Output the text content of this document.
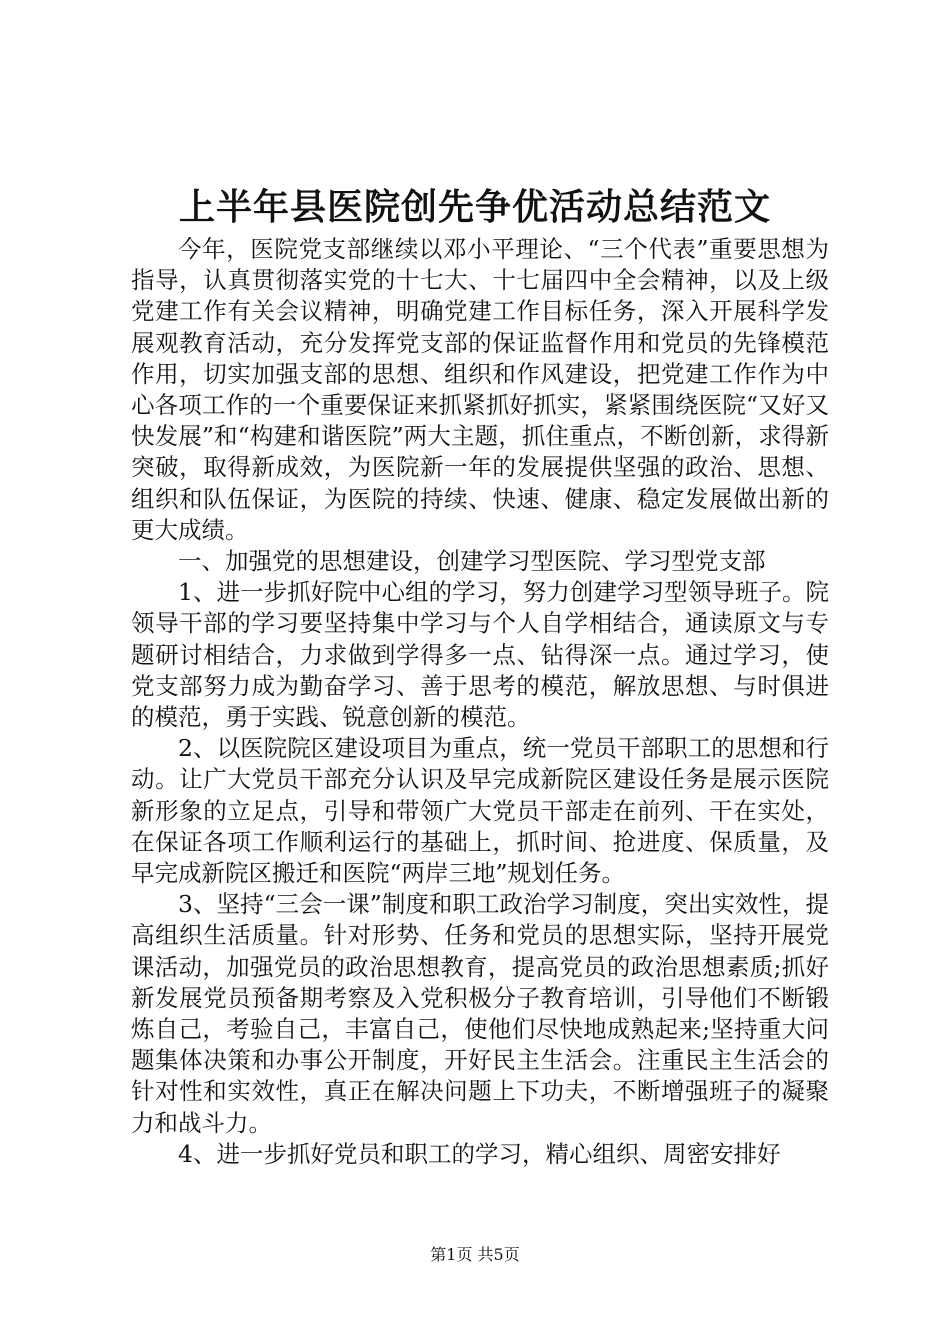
上半年县医院创先争优活动总结范文

今年，医院党支部继续以邓小平理论、“三个代表”重要思想为指导，认真贯彻落实党的十七大、十七届四中全会精神，以及上级党建工作有关会议精神，明确党建工作目标任务，深入开展科学发展观教育活动，充分发挥党支部的保证监督作用和党员的先锋模范作用，切实加强支部的思想、组织和作风建设，把党建工作作为中心各项工作的一个重要保证来抓紧抓好抓实，紧紧围绕医院“又好又快发展”和“构建和谐医院”两大主题，抓住重点，不断创新，求得新突破，取得新成效，为医院新一年的发展提供坚强的政治、思想、组织和队伍保证，为医院的持续、快速、健康、稳定发展做出新的更大成绩。

一、加强党的思想建设，创建学习型医院、学习型党支部

1、进一步抓好院中心组的学习，努力创建学习型领导班子。院领导干部的学习要坚持集中学习与个人自学相结合，通读原文与专题研讨相结合，力求做到学得多一点、钻得深一点。通过学习，使党支部努力成为勤奋学习、善于思考的模范，解放思想、与时俱进的模范，勇于实践、锐意创新的模范。

2、以医院院区建设项目为重点，统一党员干部职工的思想和行动。让广大党员干部充分认识及早完成新院区建设任务是展示医院新形象的立足点，引导和带领广大党员干部走在前列、干在实处，在保证各项工作顺利运行的基础上，抓时间、抢进度、保质量，及早完成新院区搬迁和医院“两岸三地”规划任务。

3、坚持“三会一课”制度和职工政治学习制度，突出实效性，提高组织生活质量。针对形势、任务和党员的思想实际，坚持开展党课活动，加强党员的政治思想教育，提高党员的政治思想素质;抓好新发展党员预备期考察及入党积极分子教育培训，引导他们不断锻炼自己，考验自己，丰富自己，使他们尽快地成熟起来;坚持重大问题集体决策和办事公开制度，开好民主生活会。注重民主生活会的针对性和实效性，真正在解决问题上下功夫，不断增强班子的凝聚力和战斗力。

4、进一步抓好党员和职工的学习，精心组织、周密安排好

第1页 共5页
